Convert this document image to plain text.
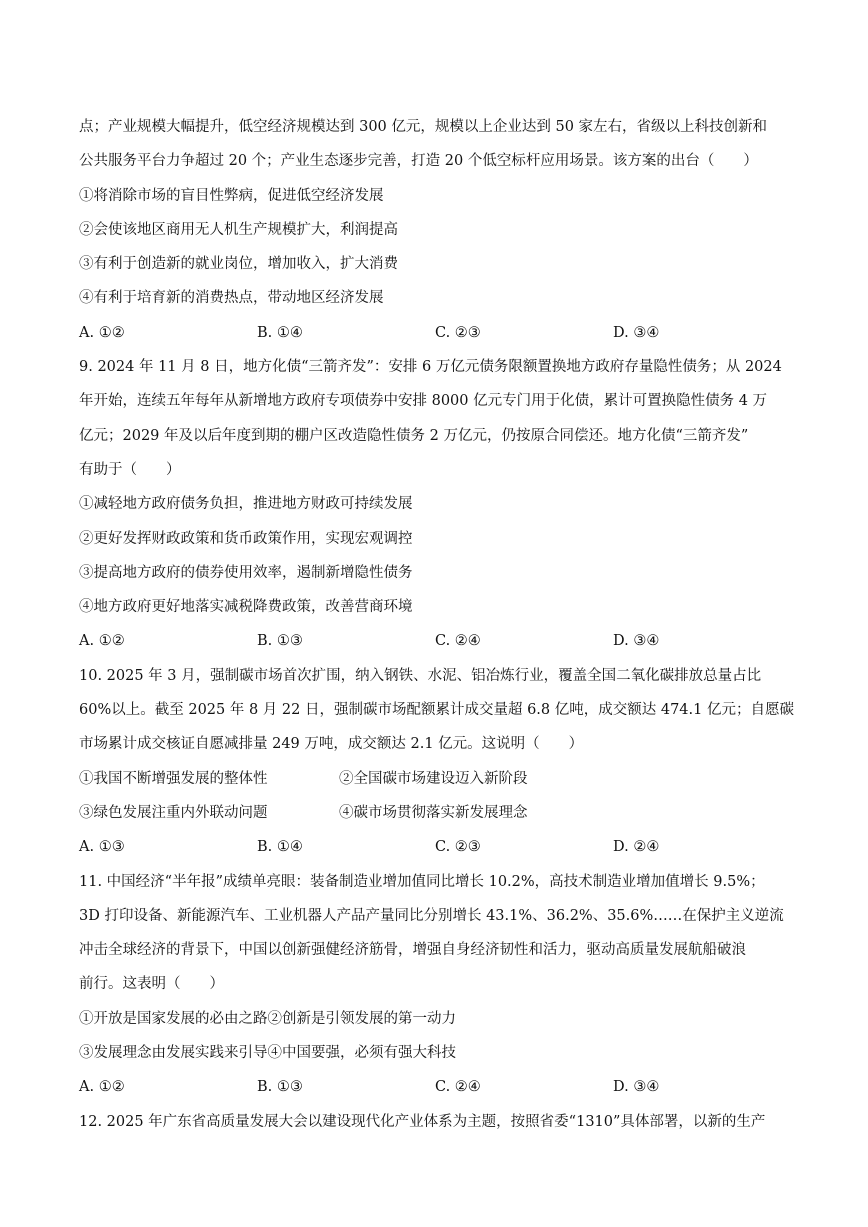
点；产业规模大幅提升，低空经济规模达到 300 亿元，规模以上企业达到 50 家左右，省级以上科技创新和
公共服务平台力争超过 20 个；产业生态逐步完善，打造 20 个低空标杆应用场景。该方案的出台（　　）
①将消除市场的盲目性弊病，促进低空经济发展
②会使该地区商用无人机生产规模扩大，利润提高
③有利于创造新的就业岗位，增加收入，扩大消费
④有利于培育新的消费热点，带动地区经济发展
A. ①②	B. ①④	C. ②③	D. ③④
9. 2024 年 11 月 8 日，地方化债“三箭齐发”：安排 6 万亿元债务限额置换地方政府存量隐性债务；从 2024
年开始，连续五年每年从新增地方政府专项债券中安排 8000 亿元专门用于化债，累计可置换隐性债务 4 万
亿元；2029 年及以后年度到期的棚户区改造隐性债务 2 万亿元，仍按原合同偿还。地方化债“三箭齐发”
有助于（　　）
①减轻地方政府债务负担，推进地方财政可持续发展
②更好发挥财政政策和货币政策作用，实现宏观调控
③提高地方政府的债券使用效率，遏制新增隐性债务
④地方政府更好地落实减税降费政策，改善营商环境
A. ①②	B. ①③	C. ②④	D. ③④
10. 2025 年 3 月，强制碳市场首次扩围，纳入钢铁、水泥、铝冶炼行业，覆盖全国二氧化碳排放总量占比
60%以上。截至 2025 年 8 月 22 日，强制碳市场配额累计成交量超 6.8 亿吨，成交额达 474.1 亿元；自愿碳
市场累计成交核证自愿减排量 249 万吨，成交额达 2.1 亿元。这说明（　　）
①我国不断增强发展的整体性	②全国碳市场建设迈入新阶段
③绿色发展注重内外联动问题	④碳市场贯彻落实新发展理念
A. ①③	B. ①④	C. ②③	D. ②④
11. 中国经济“半年报”成绩单亮眼：装备制造业增加值同比增长 10.2%，高技术制造业增加值增长 9.5%；
3D 打印设备、新能源汽车、工业机器人产品产量同比分别增长 43.1%、36.2%、35.6%……在保护主义逆流
冲击全球经济的背景下，中国以创新强健经济筋骨，增强自身经济韧性和活力，驱动高质量发展航船破浪
前行。这表明（　　）
①开放是国家发展的必由之路②创新是引领发展的第一动力
③发展理念由发展实践来引导④中国要强，必须有强大科技
A. ①②	B. ①③	C. ②④	D. ③④
12. 2025 年广东省高质量发展大会以建设现代化产业体系为主题，按照省委“1310”具体部署，以新的生产
